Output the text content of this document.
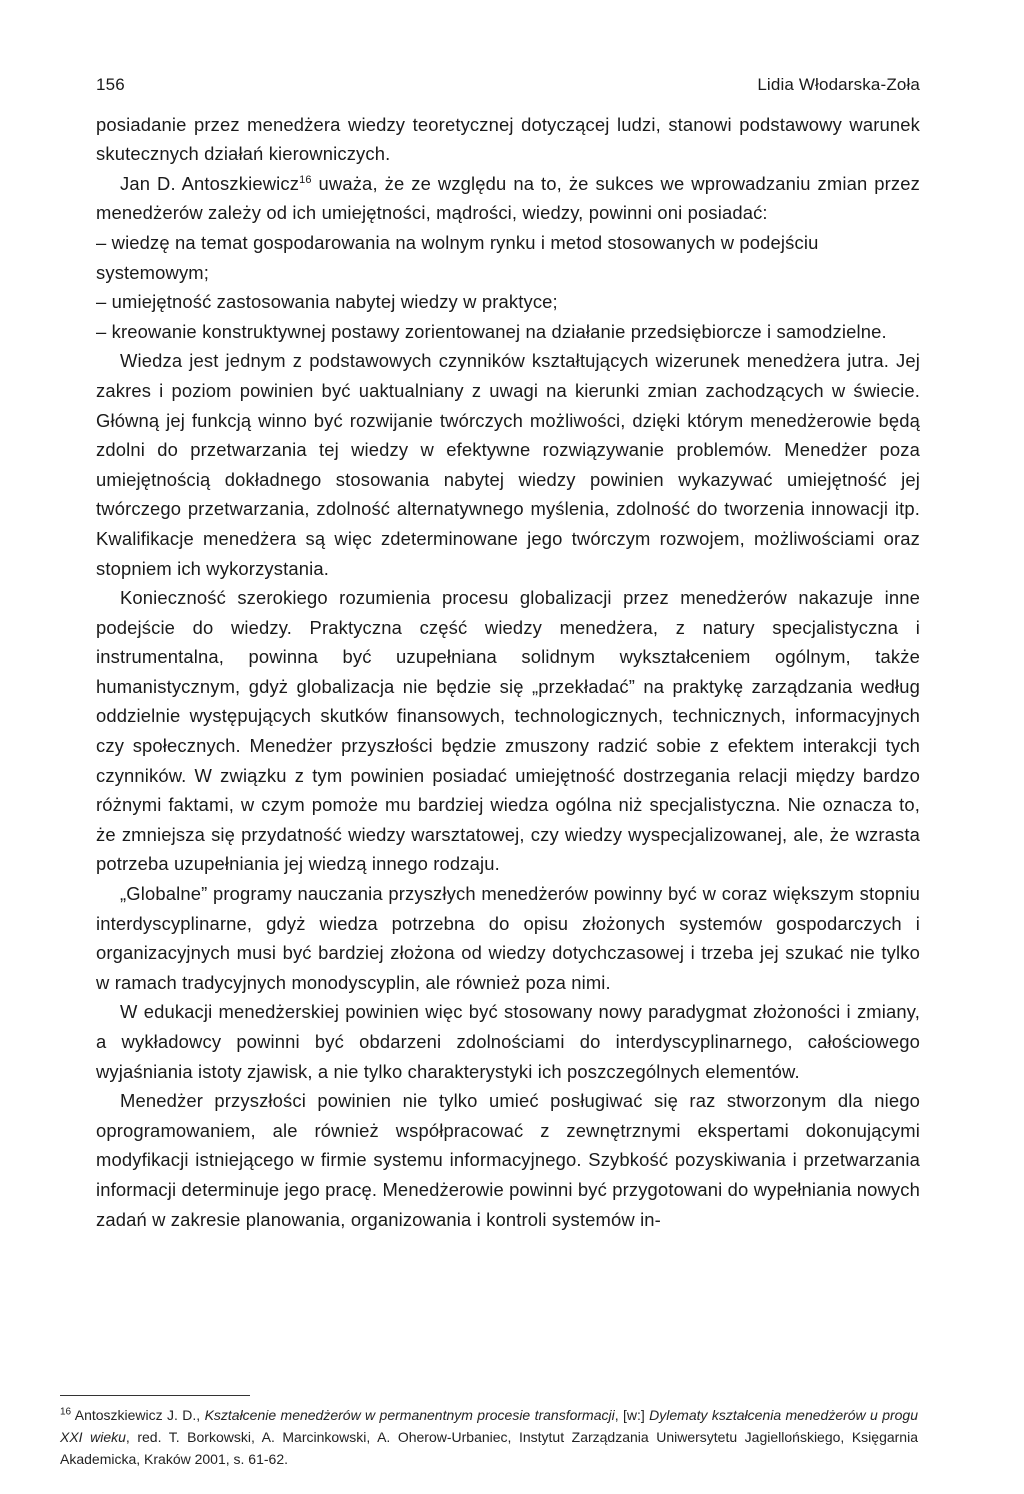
156	Lidia Włodarska-Zoła

posiadanie przez menedżera wiedzy teoretycznej dotyczącej ludzi, stanowi podstawowy warunek skutecznych działań kierowniczych.

Jan D. Antoszkiewicz$^{16}$ uważa, że ze względu na to, że sukces we wprowadzaniu zmian przez menedżerów zależy od ich umiejętności, mądrości, wiedzy, powinni oni posiadać:

– wiedzę na temat gospodarowania na wolnym rynku i metod stosowanych w podejściu

systemowym;

– umiejętność zastosowania nabytej wiedzy w praktyce;

– kreowanie konstruktywnej postawy zorientowanej na działanie przedsiębiorcze i samodzielne.

Wiedza jest jednym z podstawowych czynników kształtujących wizerunek menedżera jutra. Jej zakres i poziom powinien być uaktualniany z uwagi na kierunki zmian zachodzących w świecie. Główną jej funkcją winno być rozwijanie twórczych możliwości, dzięki którym menedżerowie będą zdolni do przetwarzania tej wiedzy w efektywne rozwiązywanie problemów. Menedżer poza umiejętnością dokładnego stosowania nabytej wiedzy powinien wykazywać umiejętność jej twórczego przetwarzania, zdolność alternatywnego myślenia, zdolność do tworzenia innowacji itp. Kwalifikacje menedżera są więc zdeterminowane jego twórczym rozwojem, możliwościami oraz stopniem ich wykorzystania.

Konieczność szerokiego rozumienia procesu globalizacji przez menedżerów nakazuje inne podejście do wiedzy. Praktyczna część wiedzy menedżera, z natury specjalistyczna i instrumentalna, powinna być uzupełniana solidnym wykształceniem ogólnym, także humanistycznym, gdyż globalizacja nie będzie się „przekładać” na praktykę zarządzania według oddzielnie występujących skutków finansowych, technologicznych, technicznych, informacyjnych czy społecznych. Menedżer przyszłości będzie zmuszony radzić sobie z efektem interakcji tych czynników. W związku z tym powinien posiadać umiejętność dostrzegania relacji między bardzo różnymi faktami, w czym pomoże mu bardziej wiedza ogólna niż specjalistyczna. Nie oznacza to, że zmniejsza się przydatność wiedzy warsztatowej, czy wiedzy wyspecjalizowanej, ale, że wzrasta potrzeba uzupełniania jej wiedzą innego rodzaju.

„Globalne” programy nauczania przyszłych menedżerów powinny być w coraz większym stopniu interdyscyplinarne, gdyż wiedza potrzebna do opisu złożonych systemów gospodarczych i organizacyjnych musi być bardziej złożona od wiedzy dotychczasowej i trzeba jej szukać nie tylko w ramach tradycyjnych monodyscyplin, ale również poza nimi.

W edukacji menedżerskiej powinien więc być stosowany nowy paradygmat złożoności i zmiany, a wykładowcy powinni być obdarzeni zdolnościami do interdyscyplinarnego, całościowego wyjaśniania istoty zjawisk, a nie tylko charakterystyki ich poszczególnych elementów.

Menedżer przyszłości powinien nie tylko umieć posługiwać się raz stworzonym dla niego oprogramowaniem, ale również współpracować z zewnętrznymi ekspertami dokonującymi modyfikacji istniejącego w firmie systemu informacyjnego. Szybkość pozyskiwania i przetwarzania informacji determinuje jego pracę. Menedżerowie powinni być przygotowani do wypełniania nowych zadań w zakresie planowania, organizowania i kontroli systemów in-

$^{16}$ Antoszkiewicz J. D., Kształcenie menedżerów w permanentnym procesie transformacji, [w:] Dylematy kształcenia menedżerów u progu XXI wieku, red. T. Borkowski, A. Marcinkowski, A. Oherow-Urbaniec, Instytut Zarządzania Uniwersytetu Jagiellońskiego, Księgarnia Akademicka, Kraków 2001, s. 61-62.
